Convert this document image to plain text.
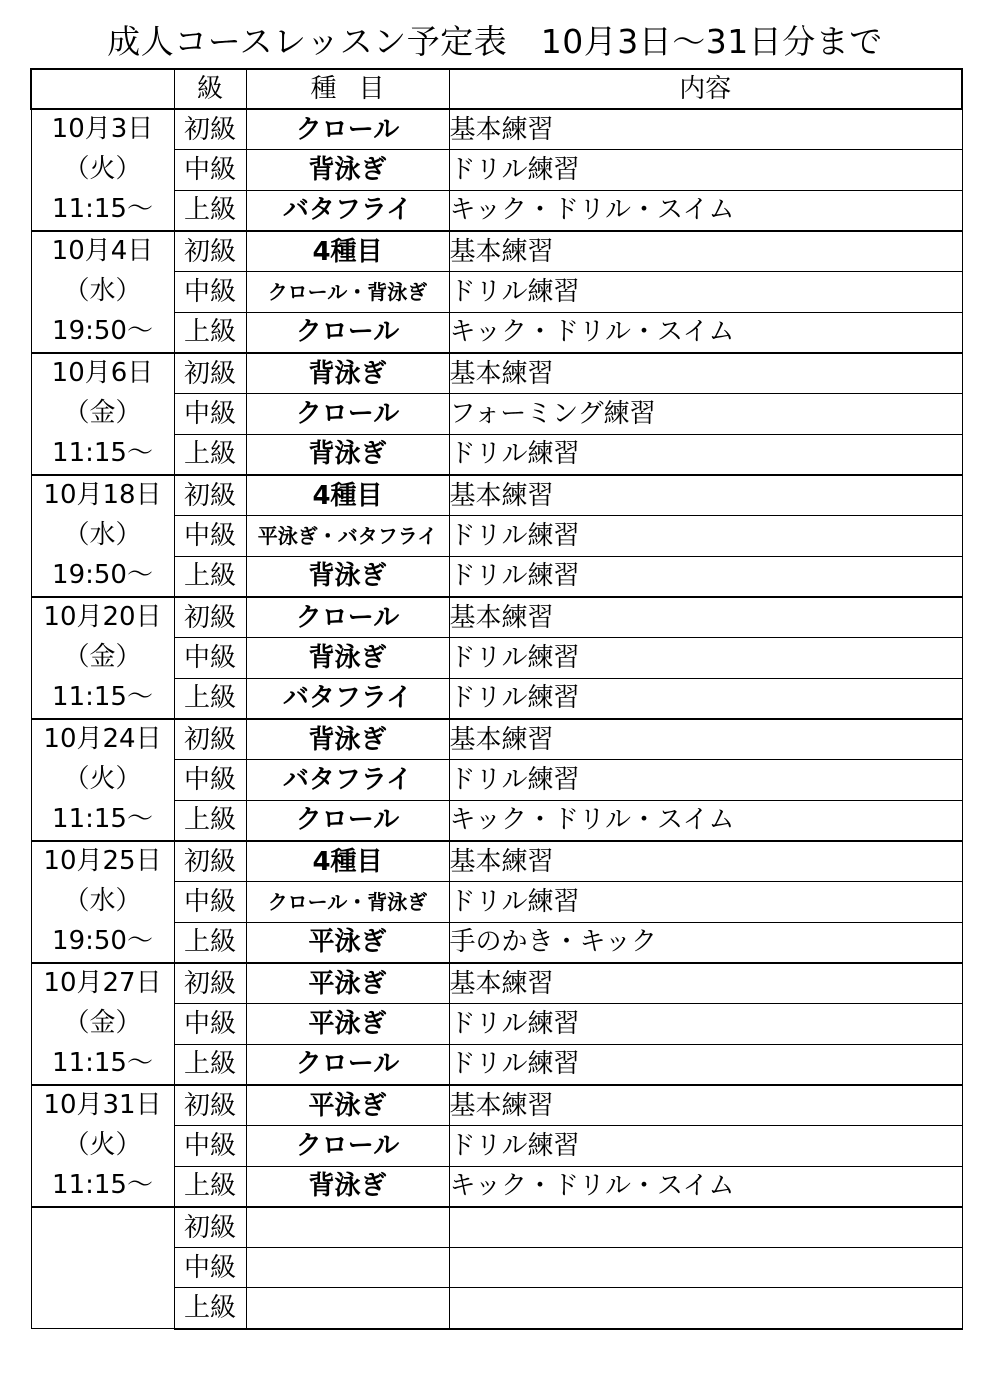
成人コースレッスン予定表　10月3日～31日分まで
	級	種目	内容

10月3日
（火）
11:15～	初級	クロール	基本練習
	中級	背泳ぎ	ドリル練習
	上級	バタフライ	キック・ドリル・スイム

10月4日
（水）
19:50～	初級	4種目	基本練習
	中級	クロール・背泳ぎ	ドリル練習
	上級	クロール	キック・ドリル・スイム

10月6日
（金）
11:15～	初級	背泳ぎ	基本練習
	中級	クロール	フォーミング練習
	上級	背泳ぎ	ドリル練習

10月18日
（水）
19:50～	初級	4種目	基本練習
	中級	平泳ぎ・バタフライ	ドリル練習
	上級	背泳ぎ	ドリル練習

10月20日
（金）
11:15～	初級	クロール	基本練習
	中級	背泳ぎ	ドリル練習
	上級	バタフライ	ドリル練習

10月24日
（火）
11:15～	初級	背泳ぎ	基本練習
	中級	バタフライ	ドリル練習
	上級	クロール	キック・ドリル・スイム

10月25日
（水）
19:50～	初級	4種目	基本練習
	中級	クロール・背泳ぎ	ドリル練習
	上級	平泳ぎ	手のかき・キック

10月27日
（金）
11:15～	初級	平泳ぎ	基本練習
	中級	平泳ぎ	ドリル練習
	上級	クロール	ドリル練習

10月31日
（火）
11:15～	初級	平泳ぎ	基本練習
	中級	クロール	ドリル練習
	上級	背泳ぎ	キック・ドリル・スイム

	初級		
	中級		
	上級		
